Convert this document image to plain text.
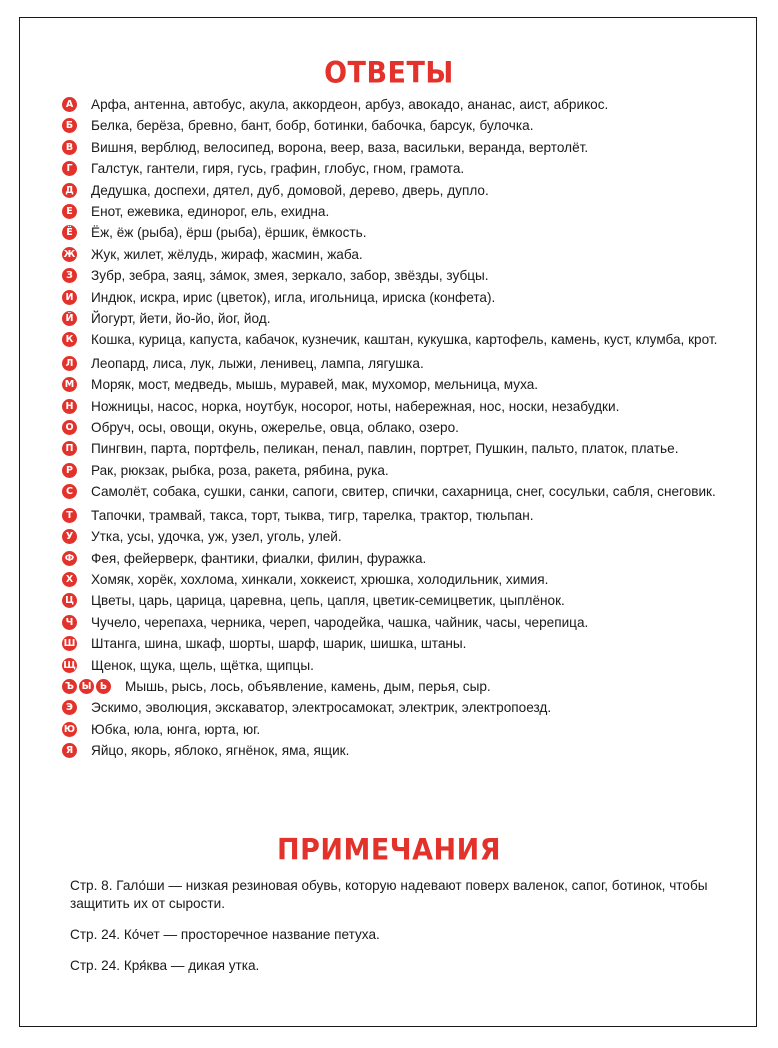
ОТВЕТЫ
А	Арфа, антенна, автобус, акула, аккордеон, арбуз, авокадо, ананас, аист, абрикос.
Б	Белка, берёза, бревно, бант, бобр, ботинки, бабочка, барсук, булочка.
В	Вишня, верблюд, велосипед, ворона, веер, ваза, васильки, веранда, вертолёт.
Г	Галстук, гантели, гиря, гусь, графин, глобус, гном, грамота.
Д	Дедушка, доспехи, дятел, дуб, домовой, дерево, дверь, дупло.
Е	Енот, ежевика, единорог, ель, ехидна.
Ё	Ёж, ёж (рыба), ёрш (рыба), ёршик, ёмкость.
Ж	Жук, жилет, жёлудь, жираф, жасмин, жаба.
З	Зубр, зебра, заяц, за́мок, змея, зеркало, забор, звёзды, зубцы.
И	Индюк, искра, ирис (цветок), игла, игольница, ириска (конфета).
Й	Йогурт, йети, йо-йо, йог, йод.
К	Кошка, курица, капуста, кабачок, кузнечик, каштан, кукушка, картофель, камень, куст, клумба, крот.
Л	Леопард, лиса, лук, лыжи, ленивец, лампа, лягушка.
М	Моряк, мост, медведь, мышь, муравей, мак, мухомор, мельница, муха.
Н	Ножницы, насос, норка, ноутбук, носорог, ноты, набережная, нос, носки, незабудки.
О	Обруч, осы, овощи, окунь, ожерелье, овца, облако, озеро.
П	Пингвин, парта, портфель, пеликан, пенал, павлин, портрет, Пушкин, пальто, платок, платье.
Р	Рак, рюкзак, рыбка, роза, ракета, рябина, рука.
С	Самолёт, собака, сушки, санки, сапоги, свитер, спички, сахарница, снег, сосульки, сабля, снеговик.
Т	Тапочки, трамвай, такса, торт, тыква, тигр, тарелка, трактор, тюльпан.
У	Утка, усы, удочка, уж, узел, уголь, улей.
Ф	Фея, фейерверк, фантики, фиалки, филин, фуражка.
Х	Хомяк, хорёк, хохлома, хинкали, хоккеист, хрюшка, холодильник, химия.
Ц	Цветы, царь, царица, царевна, цепь, цапля, цветик-семицветик, цыплёнок.
Ч	Чучело, черепаха, черника, череп, чародейка, чашка, чайник, часы, черепица.
Ш	Штанга, шина, шкаф, шорты, шарф, шарик, шишка, штаны.
Щ	Щенок, щука, щель, щётка, щипцы.
Ъ Ы Ь	Мышь, рысь, лось, объявление, камень, дым, перья, сыр.
Э	Эскимо, эволюция, экскаватор, электросамокат, электрик, электропоезд.
Ю	Юбка, юла, юнга, юрта, юг.
Я	Яйцо, якорь, яблоко, ягнёнок, яма, ящик.
ПРИМЕЧАНИЯ

Стр. 8. Гало́ши — низкая резиновая обувь, которую надевают поверх валенок, сапог, ботинок, чтобы защитить их от сырости.

Стр. 24. Ко́чет — просторечное название петуха.

Стр. 24. Кря́ква — дикая утка.
